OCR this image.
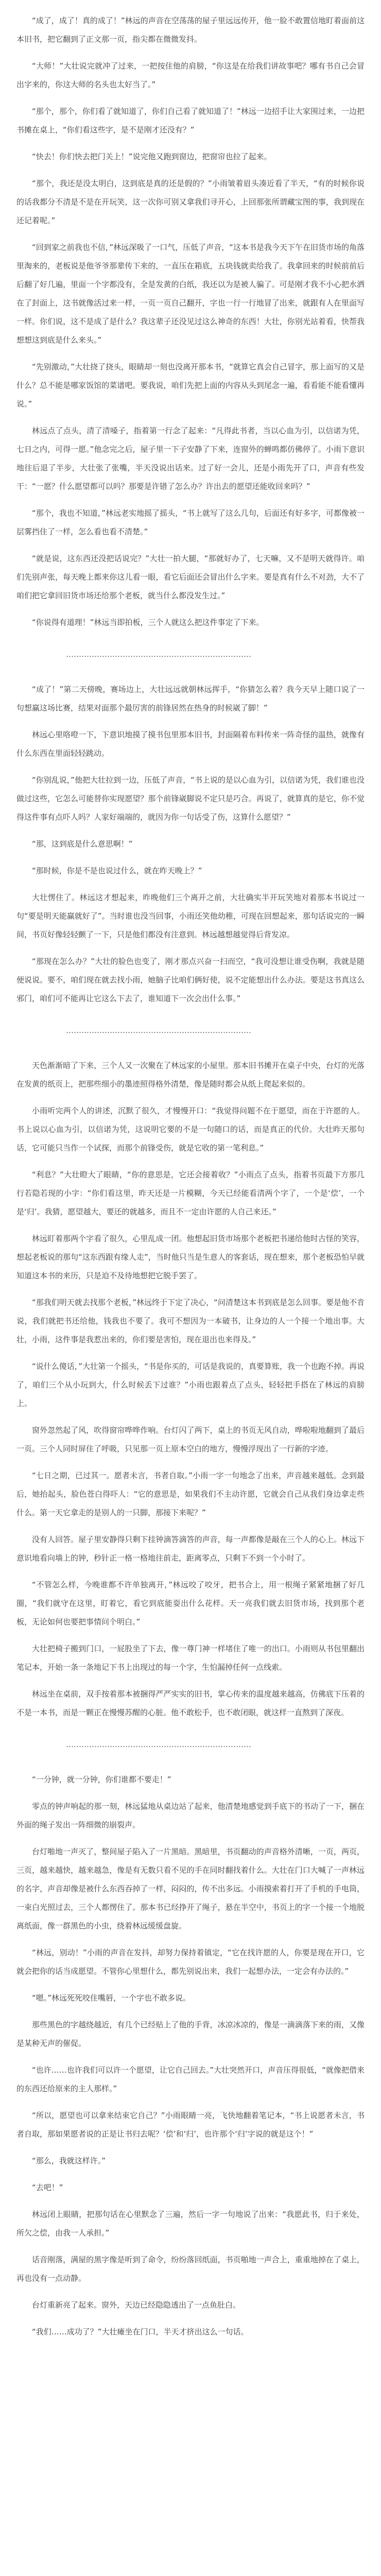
“成了，成了！真的成了！”林远的声音在空荡荡的屋子里远远传开，他一脸不敢置信地盯着面前这本旧书，把它翻到了正文那一页，指尖都在微微发抖。

“大师！”大壮说完就冲了过来，一把按住他的肩膀，“你这是在给我们讲故事吧？哪有书自己会冒出字来的，你这大师的名头也太好当了。”

“那个，那个，你们看了就知道了，你们自己看了就知道了！”林远一边招手让大家围过来，一边把书摊在桌上，“你们看这些字，是不是刚才还没有？”

“快去！你们快去把门关上！”说完他又跑到窗边，把窗帘也拉了起来。

“那个，我还是没太明白，这到底是真的还是假的？”小雨皱着眉头凑近看了半天，“有的时候你说的话我都分不清是不是在开玩笑，这一次你可别又拿我们寻开心，上回那张所谓藏宝图的事，我到现在还记着呢。”

“回到家之前我也不信，”林远深吸了一口气，压低了声音，“这本书是我今天下午在旧货市场的角落里淘来的，老板说是他爷爷那辈传下来的，一直压在箱底，五块钱就卖给我了。我拿回来的时候前前后后翻了好几遍，里面一个字都没有，全是发黄的白纸，我还以为是被人骗了。可是刚才我不小心把水洒在了封面上，这书就像活过来一样，一页一页自己翻开，字也一行一行地冒了出来，就跟有人在里面写一样。你们说，这不是成了是什么？我这辈子还没见过这么神奇的东西！大壮，你别光站着看，快帮我想想这到底是什么来头。”

“先别激动，”大壮挠了挠头，眼睛却一刻也没离开那本书，“就算它真会自己冒字，那上面写的又是什么？总不能是哪家饭馆的菜谱吧。要我说，咱们先把上面的内容从头到尾念一遍，看看能不能看懂再说。”

林远点了点头，清了清嗓子，指着第一行念了起来：“凡得此书者，当以心血为引，以信诺为凭，七日之内，可得一愿。”他念完之后，屋子里一下子安静了下来，连窗外的蝉鸣都仿佛停了。小雨下意识地往后退了半步，大壮张了张嘴，半天没说出话来。过了好一会儿，还是小雨先开了口，声音有些发干：“一愿？什么愿望都可以吗？那要是许错了怎么办？许出去的愿望还能收回来吗？”

“那个，我也不知道，”林远老实地摇了摇头，“书上就写了这么几句，后面还有好多字，可都像被一层雾挡住了一样，怎么看也看不清楚。”

“就是说，这东西还没把话说完？”大壮一拍大腿，“那就好办了，七天嘛，又不是明天就得许。咱们先别声张，每天晚上都来你这儿看一眼，看它后面还会冒出什么字来。要是真有什么不对劲，大不了咱们把它拿回旧货市场还给那个老板，就当什么都没发生过。”

“你说得有道理！”林远当即拍板，三个人就这么把这件事定了下来。

………………………………………………………………

“成了！”第二天傍晚，赛场边上，大壮远远就朝林远挥手，“你猜怎么着？我今天早上随口说了一句想赢这场比赛，结果对面那个最厉害的前锋居然在热身的时候崴了脚！”

林远心里咯噔一下，下意识地摸了摸书包里那本旧书，封面隔着布料传来一阵奇怪的温热，就像有什么东西在里面轻轻跳动。

“你别乱说，”他把大壮拉到一边，压低了声音，“书上说的是以心血为引，以信诺为凭，我们谁也没做过这些，它怎么可能替你实现愿望？那个前锋崴脚说不定只是巧合。再说了，就算真的是它，你不觉得这件事有点吓人吗？人家好端端的，就因为你一句话受了伤，这算什么愿望？”

“那，这到底是什么意思啊！”

“那时候，你是不是也说过什么，就在昨天晚上？”

大壮愣住了。林远这才想起来，昨晚他们三个离开之前，大壮确实半开玩笑地对着那本书说过一句“要是明天能赢就好了”。当时谁也没当回事，小雨还笑他幼稚，可现在回想起来，那句话说完的一瞬间，书页好像轻轻颤了一下，只是他们都没有注意到。林远越想越觉得后背发凉。

“那现在怎么办？”大壮的脸色也变了，刚才那点兴奋一扫而空，“我可没想让谁受伤啊，我就是随便说说。要不，咱们现在就去找小雨，她脑子比咱们俩好使，说不定能想出什么办法。要是这书真这么邪门，咱们可不能再让它这么下去了，谁知道下一次会出什么事。”

………………………………………………………………

天色渐渐暗了下来，三个人又一次聚在了林远家的小屋里。那本旧书摊开在桌子中央，台灯的光落在发黄的纸页上，把那些细小的墨迹照得格外清楚，像是随时都会从纸上爬起来似的。

小雨听完两个人的讲述，沉默了很久，才慢慢开口：“我觉得问题不在于愿望，而在于许愿的人。书上说以心血为引，以信诺为凭，这说明它要的不是一句随口的话，而是真正的代价。大壮昨天那句话，它可能只当作一个试探，而那个前锋受伤，就是它收的第一笔利息。”

“利息？”大壮瞪大了眼睛，“你的意思是，它还会接着收？”小雨点了点头，指着书页最下方那几行若隐若现的小字：“你们看这里，昨天还是一片模糊，今天已经能看清两个字了，一个是‘偿’，一个是‘归’。我猜，愿望越大，要还的就越多，而且不一定由许愿的人自己来还。”

林远盯着那两个字看了很久，心里乱成一团。他想起旧货市场那个老板把书递给他时古怪的笑容，想起老板说的那句“这东西跟有缘人走”，当时他只当是生意人的客套话，现在想来，那个老板恐怕早就知道这本书的来历，只是迫不及待地想把它脱手罢了。

“那我们明天就去找那个老板，”林远终于下定了决心，“问清楚这本书到底是怎么回事。要是他不肯说，我们就把书还给他，钱我也不要了。我可不想因为一本破书，让身边的人一个接一个地出事。大壮，小雨，这件事是我惹出来的，你们要是害怕，现在退出也来得及。”

“说什么傻话，”大壮第一个摇头，“书是你买的，可话是我说的，真要算账，我一个也跑不掉。再说了，咱们三个从小玩到大，什么时候丢下过谁？”小雨也跟着点了点头，轻轻把手搭在了林远的肩膀上。

窗外忽然起了风，吹得窗帘哗哗作响。台灯闪了两下，桌上的书页无风自动，哗啦啦地翻到了最后一页。三个人同时屏住了呼吸，只见那一页上原本空白的地方，慢慢浮现出了一行新的字迹。

“七日之期，已过其一。愿者未言，书者自取。”小雨一字一句地念了出来，声音越来越低。念到最后，她抬起头，脸色苍白得吓人：“它的意思是，如果我们不主动许愿，它就会自己从我们身边拿走些什么。第一天它拿走的是别人的一只脚，那接下来呢？”

没有人回答。屋子里安静得只剩下挂钟滴答滴答的声音，每一声都像是敲在三个人的心上。林远下意识地看向墙上的钟，秒针正一格一格地往前走，距离零点，只剩下不到一个小时了。

“不管怎么样，今晚谁都不许单独离开，”林远咬了咬牙，把书合上，用一根绳子紧紧地捆了好几圈，“我们就守在这里，盯着它，看它到底能耍出什么花样。天一亮我们就去旧货市场，找到那个老板，无论如何也要把事情问个明白。”

大壮把椅子搬到门口，一屁股坐了下去，像一尊门神一样堵住了唯一的出口。小雨则从书包里翻出笔记本，开始一条一条地记下书上出现过的每一个字，生怕漏掉任何一点线索。

林远坐在桌前，双手按着那本被捆得严严实实的旧书，掌心传来的温度越来越高，仿佛底下压着的不是一本书，而是一颗正在慢慢苏醒的心脏。他不敢松手，也不敢闭眼，就这样一直熬到了深夜。

………………………………………………………………

“一分钟，就一分钟，你们谁都不要走！”

零点的钟声响起的那一刻，林远猛地从桌边站了起来，他清楚地感觉到手底下的书动了一下，捆在外面的绳子发出一阵细微的崩裂声。

台灯啪地一声灭了，整间屋子陷入了一片黑暗。黑暗里，书页翻动的声音格外清晰，一页，两页，三页，越来越快，越来越急，像是有无数只看不见的手在同时翻找着什么。大壮在门口大喊了一声林远的名字，声音却像是被什么东西吞掉了一样，闷闷的，传不出多远。小雨摸索着打开了手机的手电筒，一束白光照过去，三个人都愣住了。那本书已经挣开了绳子，悬在半空中，书页上的字一个接一个地脱离纸面，像一群黑色的小虫，绕着林远缓缓盘旋。

“林远，别动！”小雨的声音在发抖，却努力保持着镇定，“它在找许愿的人，你要是现在开口，它就会把你的话当成愿望。不管你心里想什么，都先别说出来，我们一起想办法，一定会有办法的。”

“嗯。”林远死死咬住嘴唇，一个字也不敢多说。

那些黑色的字越绕越近，有几个已经贴上了他的手背，冰凉冰凉的，像是一滴滴落下来的雨，又像是某种无声的催促。

“也许……也许我们可以许一个愿望，让它自己回去。”大壮突然开口，声音压得很低，“就像把借来的东西还给原来的主人那样。”

“所以，愿望也可以拿来结束它自己？”小雨眼睛一亮，飞快地翻着笔记本，“书上说愿者未言，书者自取，那如果愿者说的正是让书归去呢？‘偿’和‘归’，也许那个‘归’字说的就是这个！”

“那么，我就这样许。”

“去吧！”

林远闭上眼睛，把那句话在心里默念了三遍，然后一字一句地说了出来：“我愿此书，归于来处，所欠之偿，由我一人承担。”

话音刚落，满屋的黑字像是听到了命令，纷纷落回纸面，书页啪地一声合上，重重地掉在了桌上，再也没有一点动静。

台灯重新亮了起来。窗外，天边已经隐隐透出了一点鱼肚白。

“我们……成功了？”大壮瘫坐在门口，半天才挤出这么一句话。
